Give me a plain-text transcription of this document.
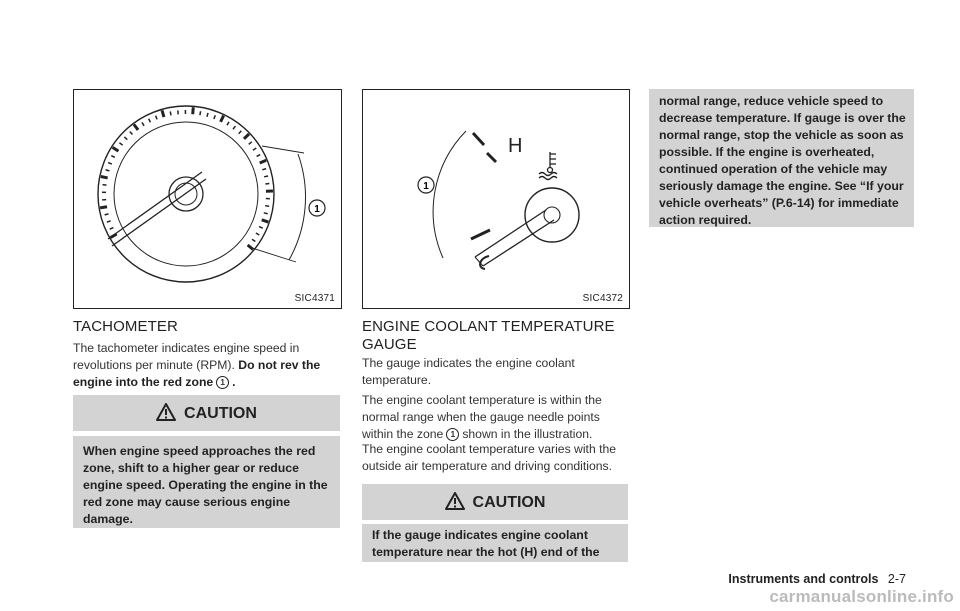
1
SIC4371
TACHOMETER

The tachometer indicates engine speed in revolutions per minute (RPM). Do not rev the engine into the red zone 1 .

CAUTION

When engine speed approaches the red zone, shift to a higher gear or reduce engine speed. Operating the engine in the red zone may cause serious engine damage.

H
1
SIC4372
ENGINE COOLANT TEMPERATURE GAUGE

The gauge indicates the engine coolant temperature.

The engine coolant temperature is within the normal range when the gauge needle points within the zone 1 shown in the illustration.

The engine coolant temperature varies with the outside air temperature and driving conditions.

CAUTION

If the gauge indicates engine coolant temperature near the hot (H) end of the

normal range, reduce vehicle speed to decrease temperature. If gauge is over the normal range, stop the vehicle as soon as possible. If the engine is overheated, continued operation of the vehicle may seriously damage the engine. See “If your vehicle overheats” (P.6-14) for immediate action required.

Instruments and controls 2-7
carmanualsonline.info
